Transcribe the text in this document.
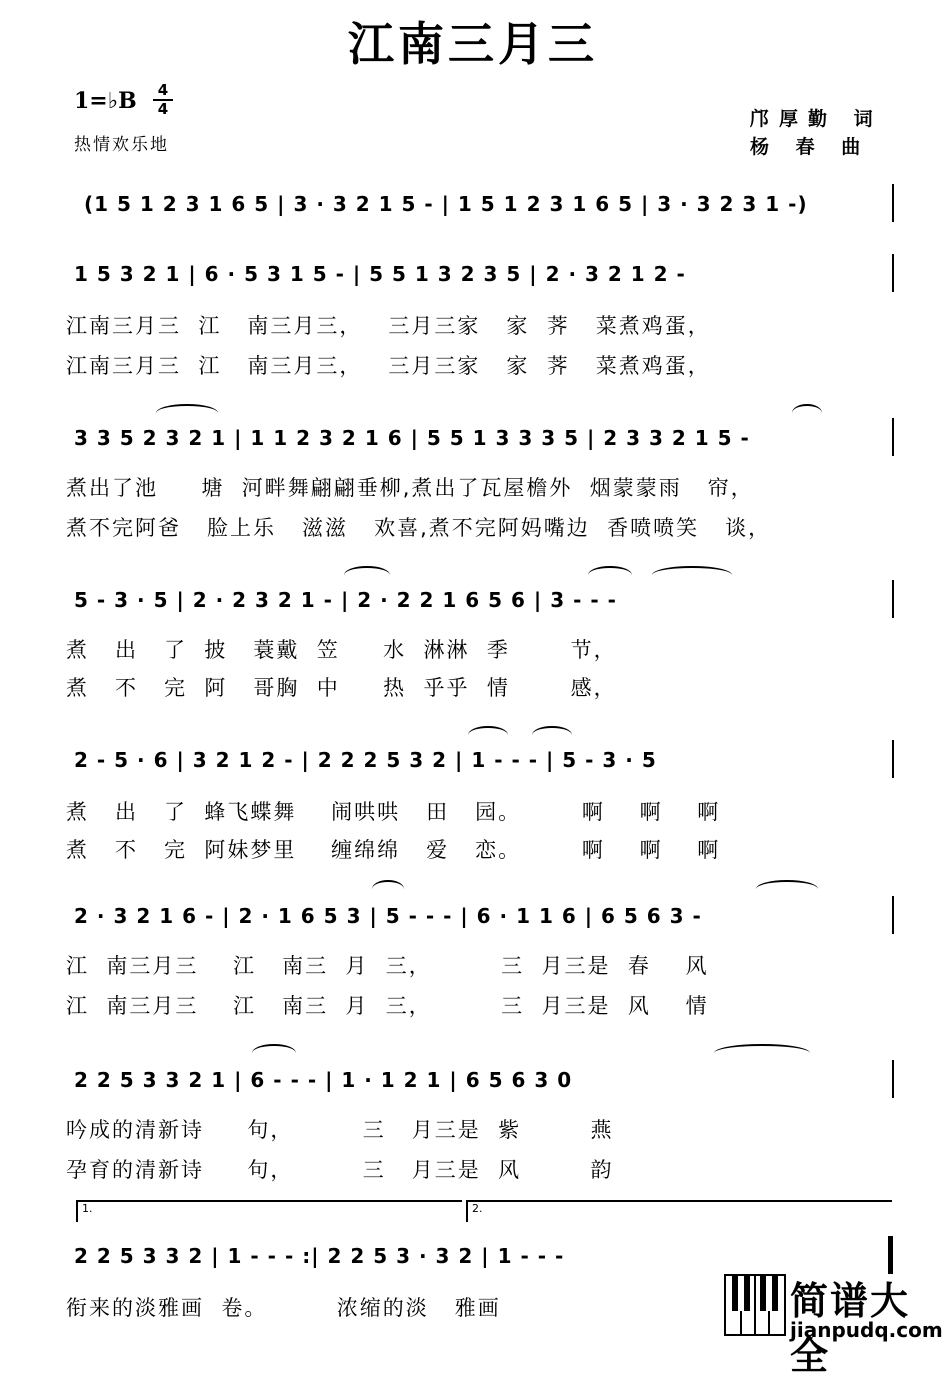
江南三月三
1=♭B	4
4
热情欢乐地
邝厚勤 词
杨 春 曲
(1 5 1 2 3 1 6 5 | 3 · 3 2 1 5 - | 1 5 1 2 3 1 6 5 | 3 · 3 2 3 1 -)
1 5 3 2 1 | 6 · 5 3 1 5 - | 5 5 1 3 2 3 5 | 2 · 3 2 1 2 -
江南三月三  江   南三月三，   三月三家   家  荠   菜煮鸡蛋，
江南三月三  江   南三月三，   三月三家   家  荠   菜煮鸡蛋，
3 3 5 2 3 2 1 | 1 1 2 3 2 1 6 | 5 5 1 3 3 3 5 | 2 3 3 2 1 5 -
煮出了池     塘  河畔舞翩翩垂柳,煮出了瓦屋檐外  烟蒙蒙雨   帘，
煮不完阿爸   脸上乐   滋滋   欢喜,煮不完阿妈嘴边  香喷喷笑   谈，
5 - 3 · 5 | 2 · 2 3 2 1 - | 2 · 2 2 1 6 5 6 | 3 - - -
煮   出   了  披   蓑戴  笠     水  淋淋  季       节，
煮   不   完  阿   哥胸  中     热  乎乎  情       感，
2 - 5 · 6 | 3 2 1 2 - | 2 2 2 5 3 2 | 1 - - - | 5 - 3 · 5
煮   出   了  蜂飞蝶舞    闹哄哄   田   园。       啊    啊    啊
煮   不   完  阿妹梦里    缠绵绵   爱   恋。       啊    啊    啊
2 · 3 2 1 6 - | 2 · 1 6 5 3 | 5 - - - | 6 · 1 1 6 | 6 5 6 3 -
江  南三月三    江   南三  月  三，        三  月三是  春    风
江  南三月三    江   南三  月  三，        三  月三是  风    情
2 2 5 3 3 2 1 | 6 - - - | 1 · 1 2 1 | 6 5 6 3 0
吟成的清新诗     句，        三   月三是  紫        燕
孕育的清新诗     句，        三   月三是  风        韵
1.	2.
2 2 5 3 3 2 | 1 - - - :| 2 2 5 3 · 3 2 | 1 - - -
衔来的淡雅画  卷。        浓缩的淡   雅画	简谱大全
jianpudq.com
